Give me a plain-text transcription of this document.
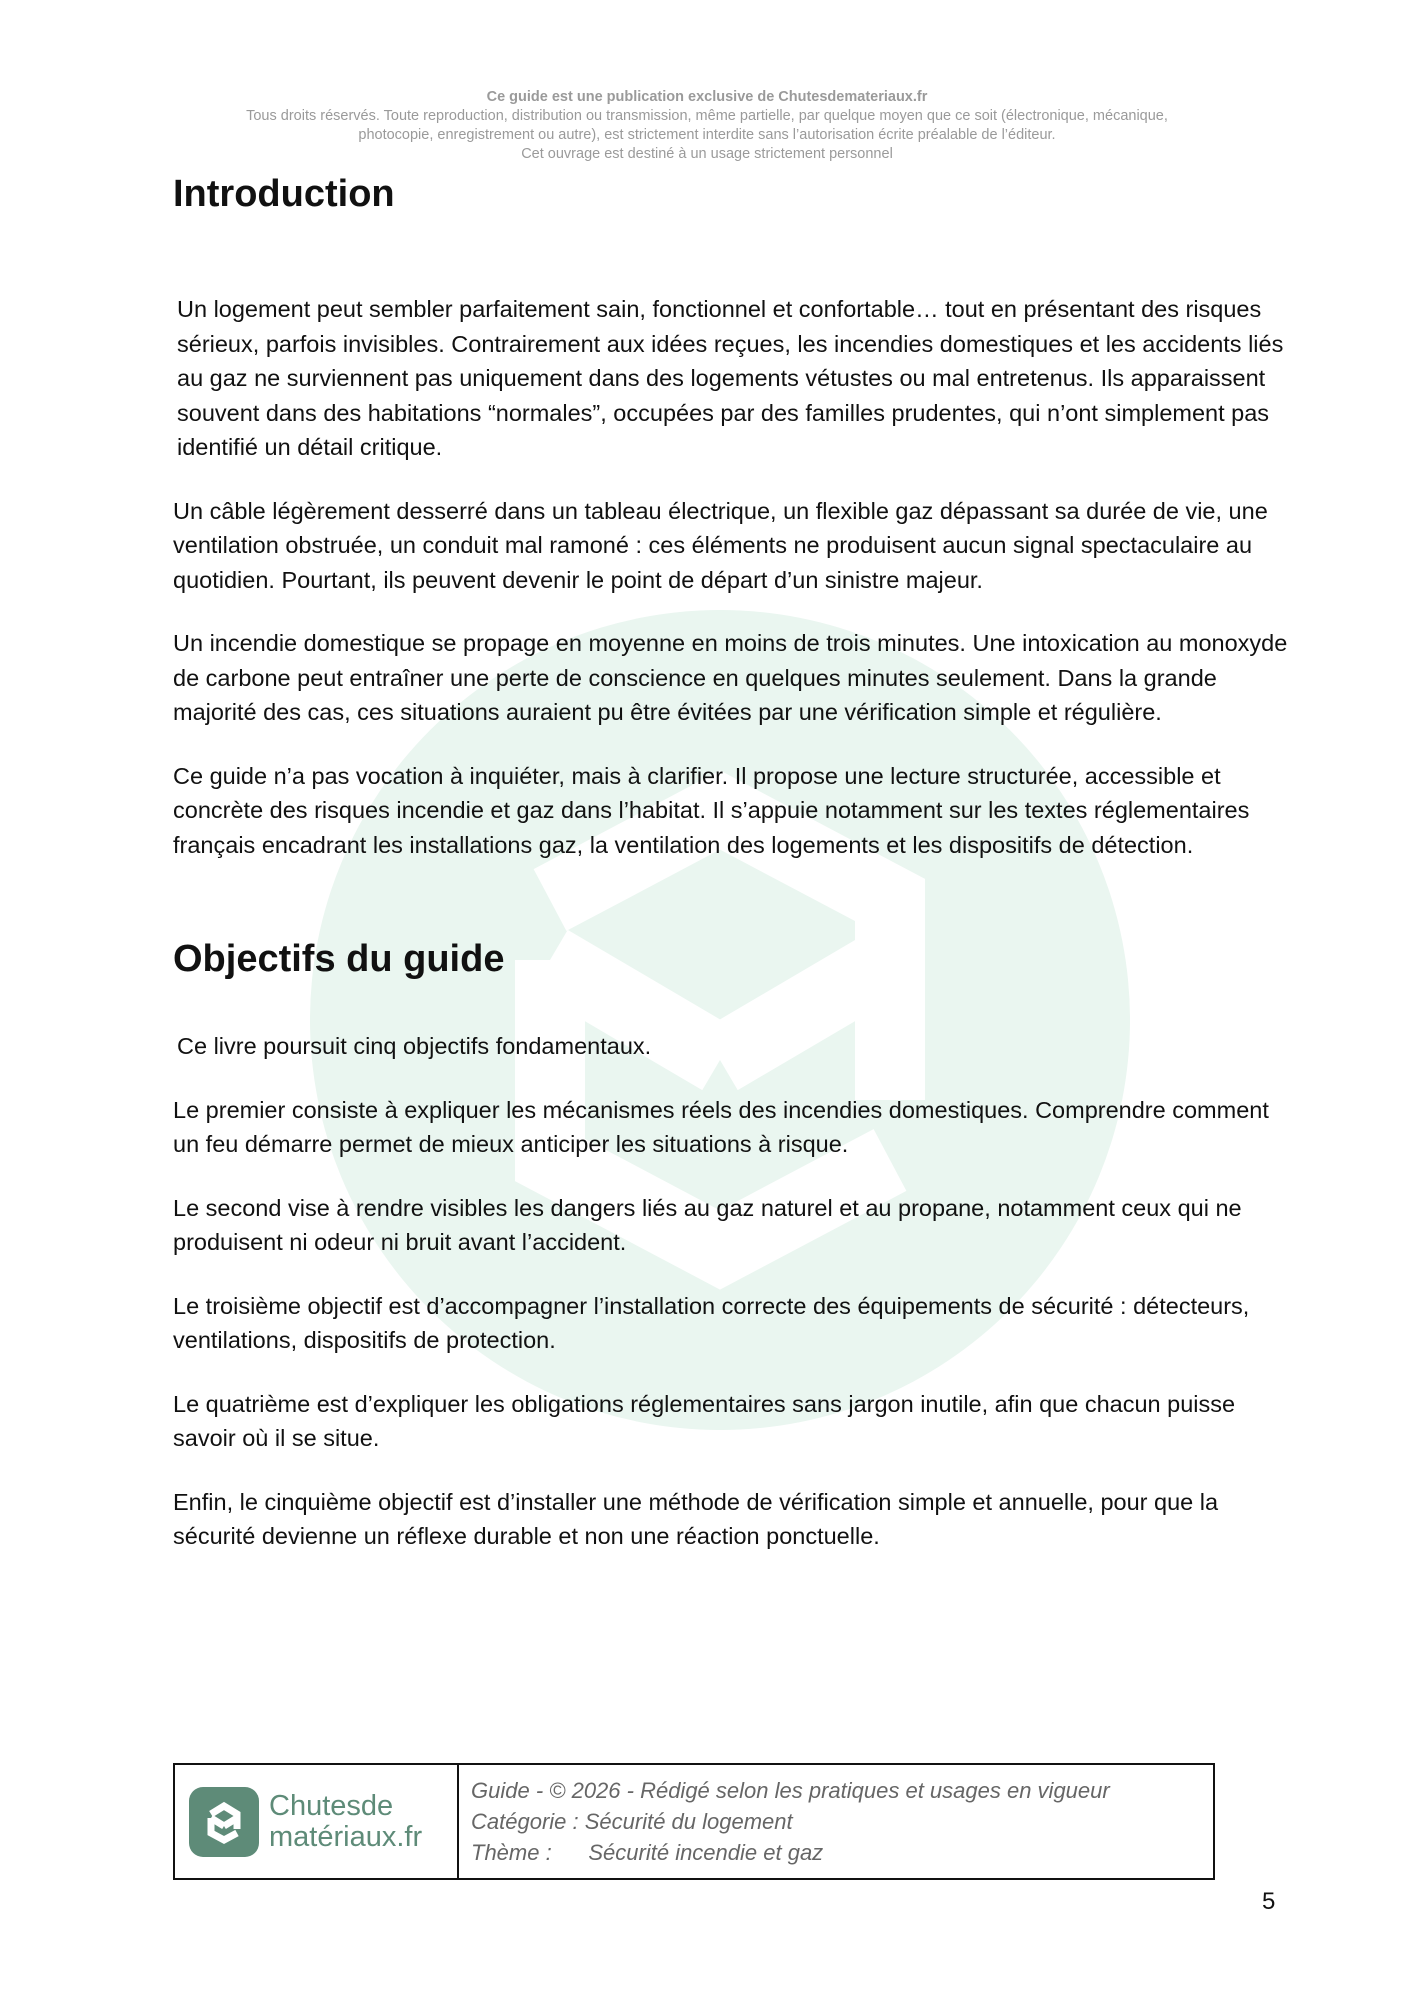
Ce guide est une publication exclusive de Chutesdemateriaux.fr
Tous droits réservés. Toute reproduction, distribution ou transmission, même partielle, par quelque moyen que ce soit (électronique, mécanique,
photocopie, enregistrement ou autre), est strictement interdite sans l’autorisation écrite préalable de l’éditeur.
Cet ouvrage est destiné à un usage strictement personnel
Introduction

Un logement peut sembler parfaitement sain, fonctionnel et confortable… tout en présentant des risques sérieux, parfois invisibles. Contrairement aux idées reçues, les incendies domestiques et les accidents liés au gaz ne surviennent pas uniquement dans des logements vétustes ou mal entretenus. Ils apparaissent souvent dans des habitations “normales”, occupées par des familles prudentes, qui n’ont simplement pas identifié un détail critique.

Un câble légèrement desserré dans un tableau électrique, un flexible gaz dépassant sa durée de vie, une ventilation obstruée, un conduit mal ramoné : ces éléments ne produisent aucun signal spectaculaire au quotidien. Pourtant, ils peuvent devenir le point de départ d’un sinistre majeur.

Un incendie domestique se propage en moyenne en moins de trois minutes. Une intoxication au monoxyde de carbone peut entraîner une perte de conscience en quelques minutes seulement. Dans la grande majorité des cas, ces situations auraient pu être évitées par une vérification simple et régulière.

Ce guide n’a pas vocation à inquiéter, mais à clarifier. Il propose une lecture structurée, accessible et concrète des risques incendie et gaz dans l’habitat. Il s’appuie notamment sur les textes réglementaires français encadrant les installations gaz, la ventilation des logements et les dispositifs de détection.

Objectifs du guide

Ce livre poursuit cinq objectifs fondamentaux.

Le premier consiste à expliquer les mécanismes réels des incendies domestiques. Comprendre comment un feu démarre permet de mieux anticiper les situations à risque.

Le second vise à rendre visibles les dangers liés au gaz naturel et au propane, notamment ceux qui ne produisent ni odeur ni bruit avant l’accident.

Le troisième objectif est d’accompagner l’installation correcte des équipements de sécurité : détecteurs, ventilations, dispositifs de protection.

Le quatrième est d’expliquer les obligations réglementaires sans jargon inutile, afin que chacun puisse savoir où il se situe.

Enfin, le cinquième objectif est d’installer une méthode de vérification simple et annuelle, pour que la sécurité devienne un réflexe durable et non une réaction ponctuelle.

Chutesde
matériaux.fr
Guide - © 2026 - Rédigé selon les pratiques et usages en vigueur
Catégorie : Sécurité du logement
Thème :      Sécurité incendie et gaz
5
